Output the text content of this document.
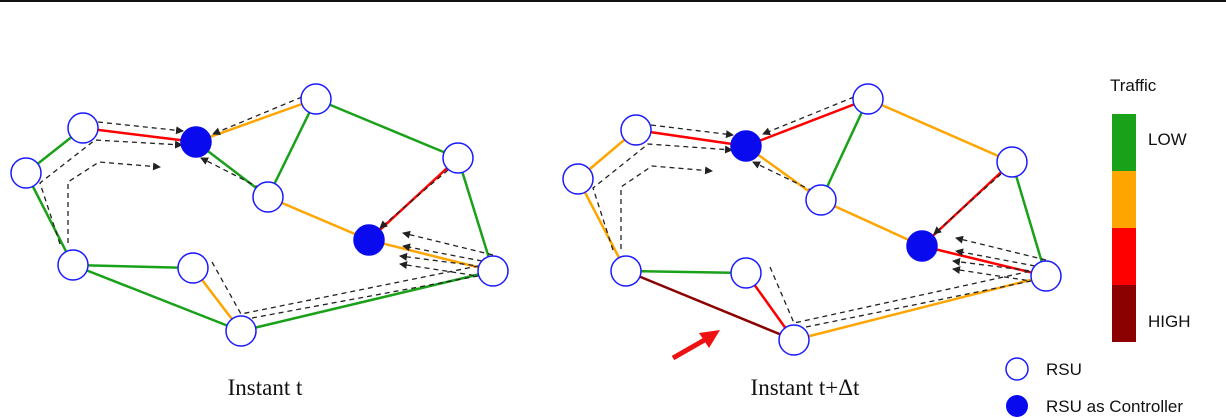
Instant t	Instant t+Δt
Traffic
LOW
HIGH
RSU
RSU as Controller
